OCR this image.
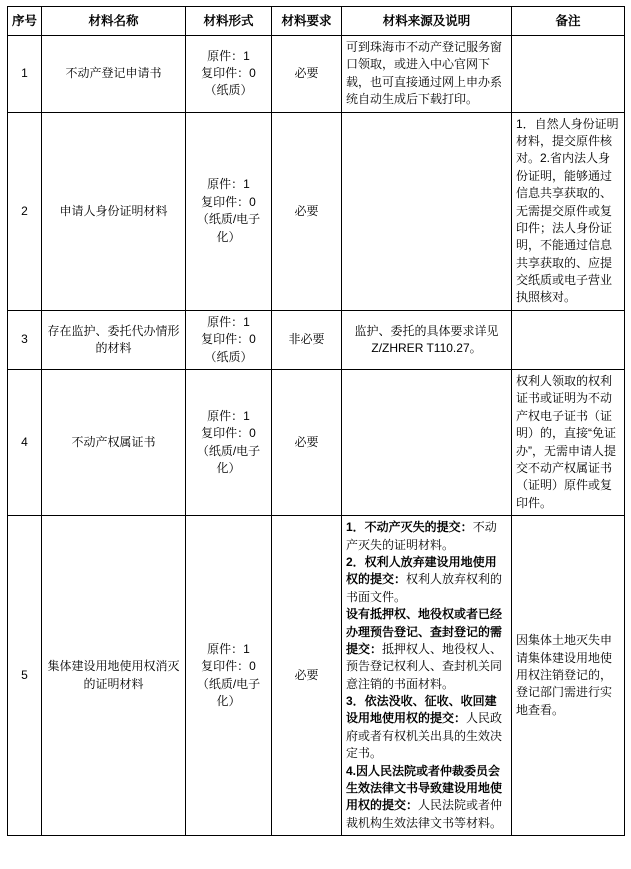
序号	材料名称	材料形式	材料要求	材料来源及说明	备注
1	不动产登记申请书	原件：1
复印件：0
（纸质）	必要	可到珠海市不动产登记服务窗口领取，或进入中心官网下载，也可直接通过网上申办系统自动生成后下载打印。	
2	申请人身份证明材料	原件：1
复印件：0
（纸质/电子化）	必要		1．自然人身份证明材料，提交原件核对。2.省内法人身份证明，能够通过信息共享获取的、无需提交原件或复印件；法人身份证明，不能通过信息共享获取的、应提交纸质或电子营业执照核对。
3	存在监护、委托代办情形的材料	原件：1
复印件：0
（纸质）	非必要	监护、委托的具体要求详见Z/ZHRER T110.27。	
4	不动产权属证书	原件：1
复印件：0
（纸质/电子化）	必要		权利人领取的权利证书或证明为不动产权电子证书（证明）的，直接“免证办”，无需申请人提交不动产权属证书（证明）原件或复印件。
5	集体建设用地使用权消灭的证明材料	
原件：1
复印件：0
（纸质/电子化）
	必要	
1．不动产灭失的提交：不动产灭失的证明材料。
2．权利人放弃建设用地使用权的提交：权利人放弃权利的书面文件。
设有抵押权、地役权或者已经办理预告登记、查封登记的需提交：抵押权人、地役权人、预告登记权利人、查封机关同意注销的书面材料。
3．依法没收、征收、收回建设用地使用权的提交：人民政府或者有权机关出具的生效决定书。
4.因人民法院或者仲裁委员会生效法律文书导致建设用地使用权的提交：人民法院或者仲裁机构生效法律文书等材料。
	因集体土地灭失申请集体建设用地使用权注销登记的，登记部门需进行实地查看。
